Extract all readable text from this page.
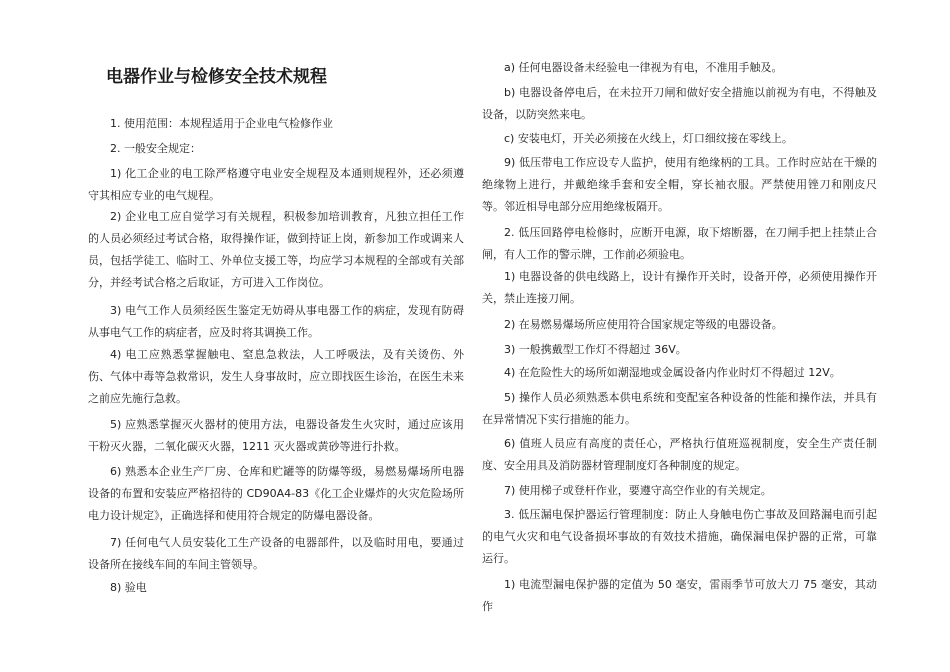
电器作业与检修安全技术规程

1. 使用范围：本规程适用于企业电气检修作业

2. 一般安全规定：

1) 化工企业的电工除严格遵守电业安全规程及本通则规程外，还必须遵守其相应专业的电气规程。

2) 企业电工应自觉学习有关规程，积极参加培训教育，凡独立担任工作的人员必须经过考试合格，取得操作证，做到持证上岗，新参加工作或调来人员，包括学徒工、临时工、外单位支援工等，均应学习本规程的全部或有关部分，并经考试合格之后取证，方可进入工作岗位。

3) 电气工作人员须经医生鉴定无妨碍从事电器工作的病症，发现有防碍从事电气工作的病症者，应及时将其调换工作。

4) 电工应熟悉掌握触电、窒息急救法，人工呼吸法，及有关烫伤、外伤、气体中毒等急救常识，发生人身事故时，应立即找医生诊治，在医生未来之前应先施行急救。

5) 应熟悉掌握灭火器材的使用方法，电器设备发生火灾时，通过应该用干粉灭火器，二氧化碳灭火器，1211 灭火器或黄砂等进行扑救。

6) 熟悉本企业生产厂房、仓库和贮罐等的防爆等级，易燃易爆场所电器设备的布置和安装应严格招待的 CD90A4-83《化工企业爆炸的火灾危险场所电力设计规定》，正确选择和使用符合规定的防爆电器设备。

7) 任何电气人员安装化工生产设备的电器部件，以及临时用电，要通过设备所在接线车间的车间主管领导。

8) 验电

a) 任何电器设备未经验电一律视为有电，不准用手触及。

b) 电器设备停电后，在未拉开刀闸和做好安全措施以前视为有电，不得触及设备，以防突然来电。

c) 安装电灯，开关必须接在火线上，灯口细纹接在零线上。

9) 低压带电工作应设专人监护，使用有绝缘柄的工具。工作时应站在干燥的绝缘物上进行，并戴绝缘手套和安全帽，穿长袖衣服。严禁使用锉刀和刚皮尺等。邻近相导电部分应用绝缘板隔开。

2. 低压回路停电检修时，应断开电源，取下熔断器，在刀闸手把上挂禁止合闸，有人工作的警示牌，工作前必须验电。

1) 电器设备的供电线路上，设计有操作开关时，设备开停，必须使用操作开关，禁止连接刀闸。

2) 在易燃易爆场所应使用符合国家规定等级的电器设备。

3) 一般携戴型工作灯不得超过 36V。

4) 在危险性大的场所如潮湿地或金属设备内作业时灯不得超过 12V。

5) 操作人员必须熟悉本供电系统和变配室各种设备的性能和操作法，并具有在异常情况下实行措施的能力。

6) 值班人员应有高度的责任心，严格执行值班巡视制度，安全生产责任制度、安全用具及消防器材管理制度灯各种制度的规定。

7) 使用梯子或登杆作业，要遵守高空作业的有关规定。

3. 低压漏电保护器运行管理制度：防止人身触电伤亡事故及回路漏电而引起的电气火灾和电气设备损坏事故的有效技术措施，确保漏电保护器的正常，可靠运行。

1) 电流型漏电保护器的定值为 50 毫安，雷雨季节可放大刀 75 毫安，其动作
